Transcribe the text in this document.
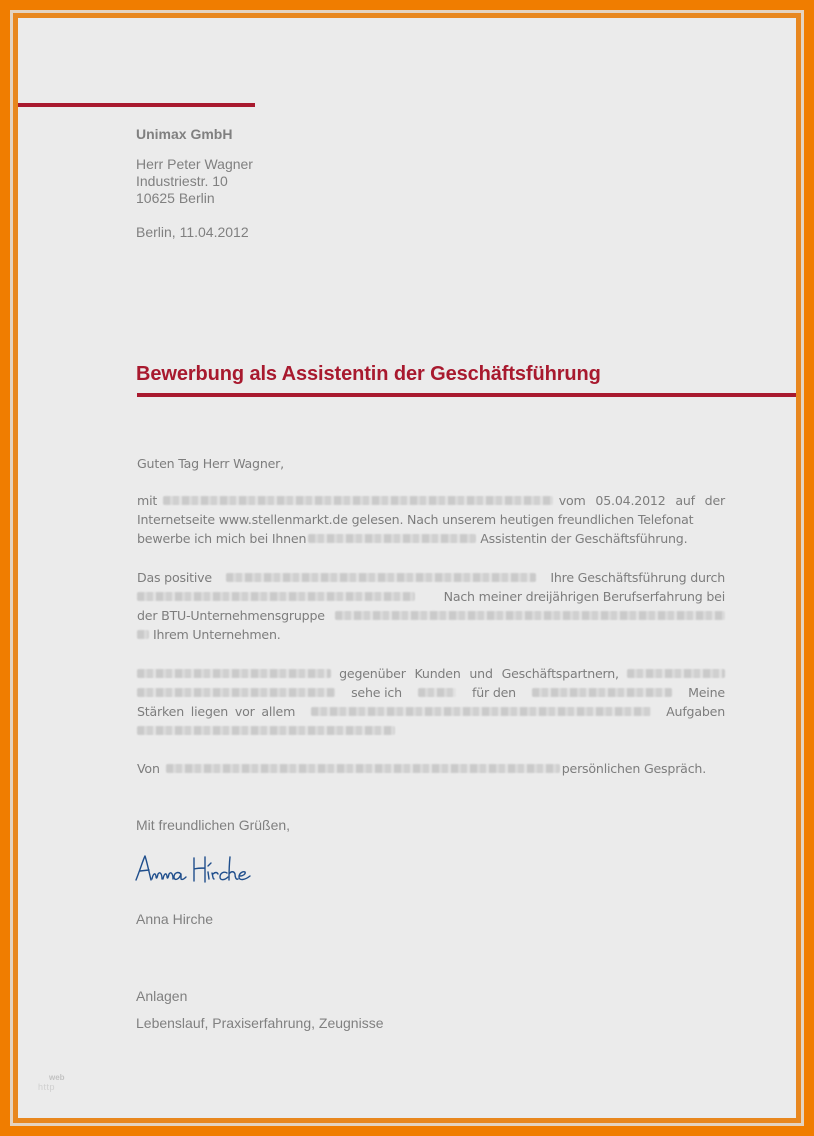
Unimax GmbH
Herr Peter Wagner
Industriestr. 10
10625 Berlin
Berlin, 11.04.2012
Bewerbung als Assistentin der Geschäftsführung
Guten Tag Herr Wagner,
mit	vom 05.04.2012 auf der
Internetseite www.stellenmarkt.de gelesen. Nach unserem heutigen freundlichen Telefonat
bewerbe ich mich bei Ihnen	Assistentin der Geschäftsführung.
Das positive	Ihre Geschäftsführung durch
Nach meiner dreijährigen Berufserfahrung bei
der BTU-Unternehmensgruppe
Ihrem Unternehmen.
gegenüber Kunden und Geschäftspartnern,
sehe ich	für den	Meine
Stärken liegen vor allem	Aufgaben
Von	persönlichen Gespräch.
Mit freundlichen Grüßen,
Anna Hirche
Anlagen
Lebenslauf, Praxiserfahrung, Zeugnisse
web
http
